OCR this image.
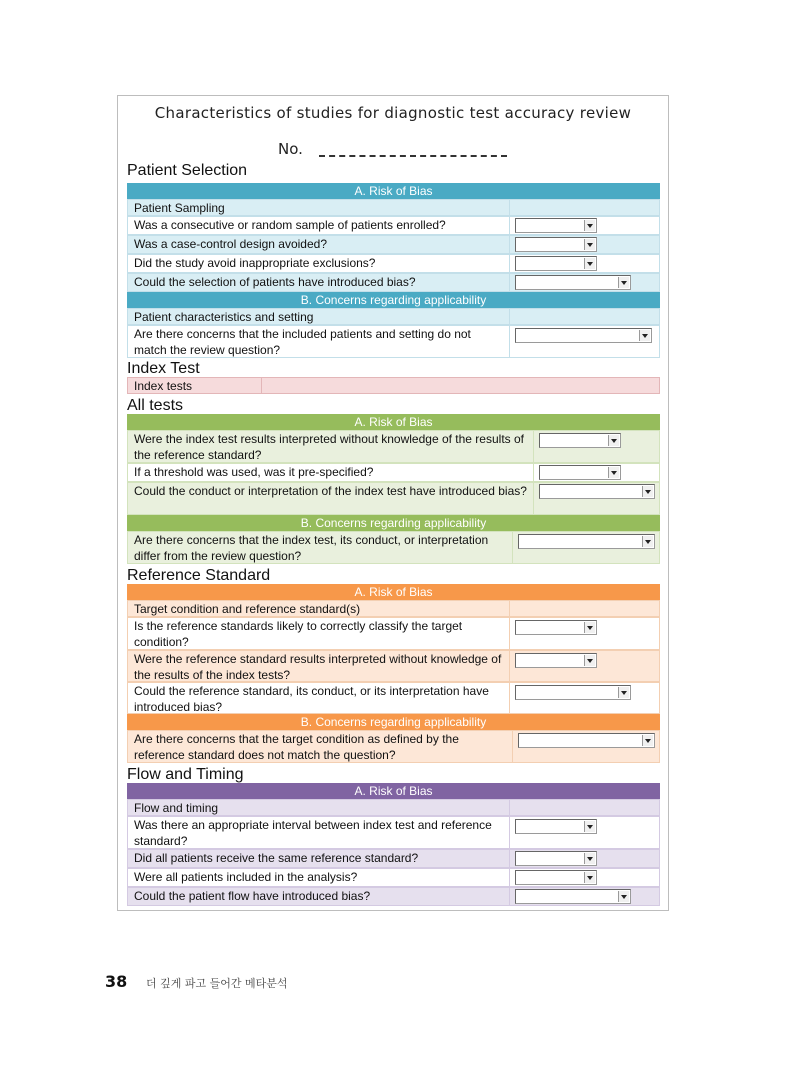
Characteristics of studies for diagnostic test accuracy review
No.
Patient Selection
A. Risk of Bias
Patient Sampling
Was a consecutive or random sample of patients enrolled?
Was a case-control design avoided?
Did the study avoid inappropriate exclusions?
Could the selection of patients have introduced bias?
B. Concerns regarding applicability
Patient characteristics and setting
Are there concerns that the included patients and setting do not match the review question?
Index Test
Index tests
All tests
A. Risk of Bias
Were the index test results interpreted without knowledge of the results of the reference standard?
If a threshold was used, was it pre-specified?
Could the conduct or interpretation of the index test have introduced bias?
B. Concerns regarding applicability
Are there concerns that the index test, its conduct, or interpretation differ from the review question?
Reference Standard
A. Risk of Bias
Target condition and reference standard(s)
Is the reference standards likely to correctly classify the target condition?
Were the reference standard results interpreted without knowledge of the results of the index tests?
Could the reference standard, its conduct, or its interpretation have introduced bias?
B. Concerns regarding applicability
Are there concerns that the target condition as defined by the reference standard does not match the question?
Flow and Timing
A. Risk of Bias
Flow and timing
Was there an appropriate interval between index test and reference standard?
Did all patients receive the same reference standard?
Were all patients included in the analysis?
Could the patient flow have introduced bias?
38 더 깊게 파고 들어간 메타분석
